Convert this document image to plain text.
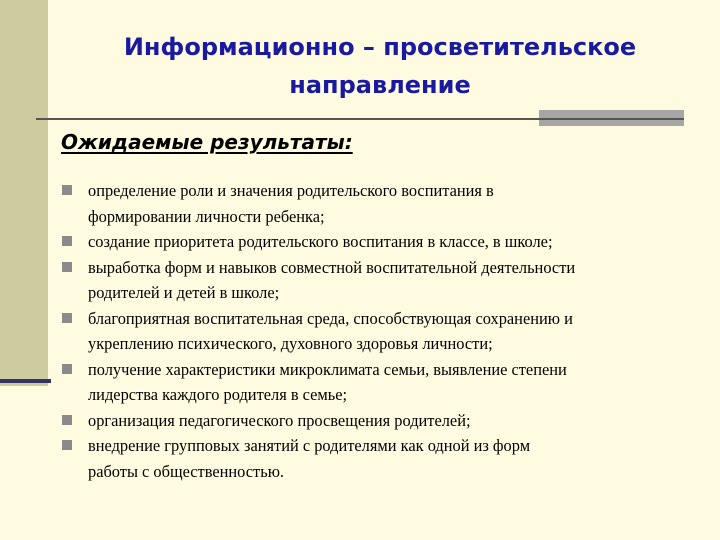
Информационно – просветительское
направление
Ожидаемые результаты:
определение роли и значения родительского воспитания в
формировании личности ребенка;
создание приоритета родительского воспитания в классе, в школе;
выработка форм и навыков совместной воспитательной деятельности
родителей и детей в школе;
благоприятная воспитательная среда, способствующая сохранению и
укреплению психического, духовного здоровья личности;
получение характеристики микроклимата семьи, выявление степени
лидерства каждого родителя в семье;
организация педагогического просвещения родителей;
внедрение групповых занятий с родителями как одной из форм
работы с общественностью.
